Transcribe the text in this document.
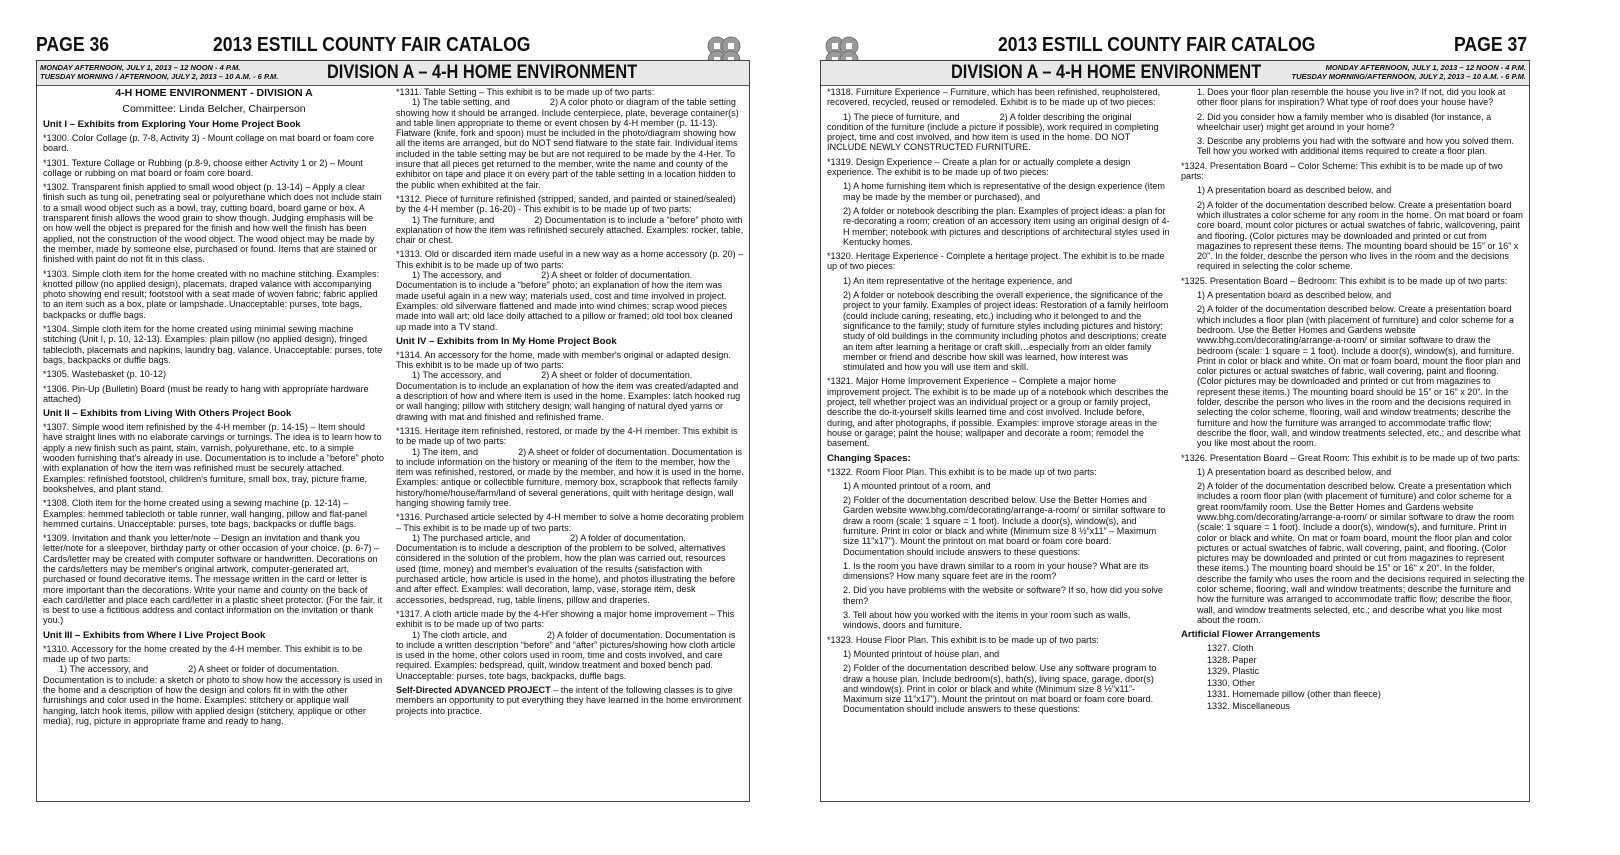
PAGE 36	2013 ESTILL COUNTY FAIR CATALOG
MONDAY AFTERNOON, JULY 1, 2013 – 12 NOON - 4 P.M.
TUESDAY MORNING / AFTERNOON, JULY 2, 2013 – 10 A.M. - 6 P.M.	DIVISION A – 4-H HOME ENVIRONMENT

4-H HOME ENVIRONMENT - DIVISION A

Committee: Linda Belcher, Chairperson

Unit I – Exhibits from Exploring Your Home Project Book

*1300. Color Collage (p. 7-8, Activity 3) - Mount collage on mat board or foam core board.

*1301. Texture Collage or Rubbing (p.8-9, choose either Activity 1 or 2) – Mount collage or rubbing on mat board or foam core board.

*1302. Transparent finish applied to small wood object (p. 13-14) – Apply a clear finish such as tung oil, penetrating seal or polyurethane which does not include stain to a small wood object such as a bowl, tray, cutting board, board game or box. A transparent finish allows the wood grain to show though. Judging emphasis will be on how well the object is prepared for the finish and how well the finish has been applied, not the construction of the wood object. The wood object may be made by the member, made by someone else, purchased or found. Items that are stained or finished with paint do not fit in this class.

*1303. Simple cloth item for the home created with no machine stitching. Examples: knotted pillow (no applied design), placemats, draped valance with accompanying photo showing end result; footstool with a seat made of woven fabric; fabric applied to an item such as a box, plate or lampshade. Unacceptable: purses, tote bags, backpacks or duffle bags.

*1304. Simple cloth item for the home created using minimal sewing machine stitching (Unit I, p. 10, 12-13). Examples: plain pillow (no applied design), fringed tablecloth, placemats and napkins, laundry bag, valance. Unacceptable: purses, tote bags, backpacks or duffle bags.

*1305. Wastebasket (p. 10-12)

*1306. Pin-Up (Bulletin) Board (must be ready to hang with appropriate hardware attached)

Unit II – Exhibits from Living With Others Project Book

*1307. Simple wood item refinished by the 4-H member (p. 14-15) – Item should have straight lines with no elaborate carvings or turnings. The idea is to learn how to apply a new finish such as paint, stain, varnish, polyurethane, etc. to a simple wooden furnishing that's already in use. Documentation is to include a “before” photo with explanation of how the item was refinished must be securely attached. Examples: refinished footstool, children's furniture, small box, tray, picture frame, bookshelves, and plant stand.

*1308. Cloth item for the home created using a sewing machine (p. 12-14) – Examples: hemmed tablecloth or table runner, wall hanging, pillow and flat-panel hemmed curtains. Unacceptable: purses, tote bags, backpacks or duffle bags.

*1309. Invitation and thank you letter/note – Design an invitation and thank you letter/note for a sleepover, birthday party or other occasion of your choice. (p. 6-7) – Cards/letter may be created with computer software or handwritten. Decorations on the cards/letters may be member's original artwork, computer-generated art, purchased or found decorative items. The message written in the card or letter is more important than the decorations. Write your name and county on the back of each card/letter and place each card/letter in a plastic sheet protector. (For the fair, it is best to use a fictitious address and contact information on the invitation or thank you.)

Unit III – Exhibits from Where I Live Project Book

*1310. Accessory for the home created by the 4-H member. This exhibit is to be made up of two parts:

1) The accessory, and	2) A sheet or folder of documentation.

Documentation is to include: a sketch or photo to show how the accessory is used in the home and a description of how the design and colors fit in with the other furnishings and color used in the home. Examples: stitchery or applique wall hanging, latch hook items, pillow with applied design (stitchery, applique or other media), rug, picture in appropriate frame and ready to hang.

*1311. Table Setting – This exhibit is to be made up of two parts:

1) The table setting, and	2) A color photo or diagram of the table setting showing how it should be arranged. Include centerpiece, plate, beverage container(s) and table linen appropriate to theme or event chosen by 4-H member (p. 11-13). Flatware (knife, fork and spoon) must be included in the photo/diagram showing how all the items are arranged, but do NOT send flatware to the state fair. Individual items included in the table setting may be but are not required to be made by the 4-Her. To insure that all pieces get returned to the member, write the name and county of the exhibitor on tape and place it on every part of the table setting in a location hidden to the public when exhibited at the fair.

*1312. Piece of furniture refinished (stripped, sanded, and painted or stained/sealed) by the 4-H member (p. 16-20) - This exhibit is to be made up of two parts:

1) The furniture, and	2) Documentation is to include a “before” photo with explanation of how the item was refinished securely attached. Examples: rocker, table, chair or chest.

*1313. Old or discarded item made useful in a new way as a home accessory (p. 20) – This exhibit is to be made up of two parts:

1) The accessory, and	2) A sheet or folder of documentation. Documentation is to include a “before” photo; an explanation of how the item was made useful again in a new way; materials used, cost and time involved in project. Examples: old silverware flattened and made into wind chimes; scrap wood pieces made into wall art; old lace doily attached to a pillow or framed; old tool box cleaned up made into a TV stand.

Unit IV – Exhibits from In My Home Project Book

*1314. An accessory for the home, made with member's original or adapted design. This exhibit is to be made up of two parts:

1) The accessory, and	2) A sheet or folder of documentation. Documentation is to include an explanation of how the item was created/adapted and a description of how and where item is used in the home. Examples: latch hooked rug or wall hanging; pillow with stitchery design; wall hanging of natural dyed yarns or drawing with mat and finished and refinished frame.

*1315. Heritage item refinished, restored, or made by the 4-H member. This exhibit is to be made up of two parts:

1) The item, and	2) A sheet or folder of documentation. Documentation is to include information on the history or meaning of the item to the member, how the item was refinished, restored, or made by the member, and how it is used in the home. Examples: antique or collectible furniture, memory box, scrapbook that reflects family history/home/house/farm/land of several generations, quilt with heritage design, wall hanging showing family tree.

*1316. Purchased article selected by 4-H member to solve a home decorating problem – This exhibit is to be made up of two parts:

1) The purchased article, and	2) A folder of documentation. Documentation is to include a description of the problem to be solved, alternatives considered in the solution of the problem, how the plan was carried out, resources used (time, money) and member's evaluation of the results (satisfaction with purchased article, how article is used in the home), and photos illustrating the before and after effect. Examples: wall decoration, lamp, vase, storage item, desk accessories, bedspread, rug, table linens, pillow and draperies.

*1317. A cloth article made by the 4-H'er showing a major home improvement – This exhibit is to be made up of two parts:

1) The cloth article, and	2) A folder of documentation. Documentation is to include a written description “before” and “after” pictures/showing how cloth article is used in the home, other colors used in room, time and costs involved, and care required. Examples: bedspread, quilt, window treatment and boxed bench pad. Unacceptable: purses, tote bags, backpacks, duffle bags.

Self-Directed ADVANCED PROJECT – the intent of the following classes is to give members an opportunity to put everything they have learned in the home environment projects into practice.

2013 ESTILL COUNTY FAIR CATALOG	PAGE 37
DIVISION A – 4-H HOME ENVIRONMENT	MONDAY AFTERNOON, JULY 1, 2013 – 12 NOON - 4 P.M.
TUESDAY MORNING/AFTERNOON, JULY 2, 2013 – 10 A.M. - 6 P.M.

*1318. Furniture Experience – Furniture, which has been refinished, reupholstered, recovered, recycled, reused or remodeled. Exhibit is to be made up of two pieces:

1) The piece of furniture, and	2) A folder describing the original condition of the furniture (include a picture if possible), work required in completing project, time and cost involved, and how item is used in the home. DO NOT INCLUDE NEWLY CONSTRUCTED FURNITURE.

*1319. Design Experience – Create a plan for or actually complete a design experience. The exhibit is to be made up of two pieces:

1) A home furnishing item which is representative of the design experience (item may be made by the member or purchased), and

2) A folder or notebook describing the plan. Examples of project ideas: a plan for re-decorating a room; creation of an accessory item using an original design of 4-H member; notebook with pictures and descriptions of architectural styles used in Kentucky homes.

*1320. Heritage Experience - Complete a heritage project. The exhibit is to be made up of two pieces:

1) An item representative of the heritage experience, and

2) A folder or notebook describing the overall experience, the significance of the project to your family. Examples of project ideas: Restoration of a family heirloom (could include caning, reseating, etc.) including who it belonged to and the significance to the family; study of furniture styles including pictures and history; study of old buildings in the community including photos and descriptions; create an item after learning a heritage or craft skill…especially from an older family member or friend and describe how skill was learned, how interest was stimulated and how you will use item and skill.

*1321. Major Home Improvement Experience – Complete a major home improvement project. The exhibit is to be made up of a notebook which describes the project, tell whether project was an individual project or a group or family project, describe the do-it-yourself skills learned time and cost involved. Include before, during, and after photographs, if possible. Examples: improve storage areas in the house or garage; paint the house; wallpaper and decorate a room; remodel the basement.

Changing Spaces:

*1322. Room Floor Plan. This exhibit is to be made up of two parts:

1) A mounted printout of a room, and

2) Folder of the documentation described below. Use the Better Homes and Garden website www.bhg.com/decorating/arrange-a-room/ or similar software to draw a room (scale: 1 square = 1 foot). Include a door(s), window(s), and furniture. Print in color or black and white (Minimum size 8 ½”x11” – Maximum size 11”x17”). Mount the printout on mat board or foam core board. Documentation should include answers to these questions:

1. Is the room you have drawn similar to a room in your house? What are its dimensions? How many square feet are in the room?

2. Did you have problems with the website or software? If so, how did you solve them?

3. Tell about how you worked with the items in your room such as walls, windows, doors and furniture.

*1323. House Floor Plan. This exhibit is to be made up of two parts:

1) Mounted printout of house plan, and

2) Folder of the documentation described below. Use any software program to draw a house plan. Include bedroom(s), bath(s), living space, garage, door(s) and window(s). Print in color or black and white (Minimum size 8 ½”x11”- Maximum size 11”x17”). Mount the printout on mat board or foam core board. Documentation should include answers to these questions:

1. Does your floor plan resemble the house you live in? If not, did you look at other floor plans for inspiration? What type of roof does your house have?

2. Did you consider how a family member who is disabled (for instance, a wheelchair user) might get around in your home?

3. Describe any problems you had with the software and how you solved them. Tell how you worked with additional items required to create a floor plan.

*1324. Presentation Board – Color Scheme: This exhibit is to be made up of two parts:

1) A presentation board as described below, and

2) A folder of the documentation described below. Create a presentation board which illustrates a color scheme for any room in the home. On mat board or foam core board, mount color pictures or actual swatches of fabric, wallcovering, paint and flooring. (Color pictures may be downloaded and printed or cut from magazines to represent these items. The mounting board should be 15” or 16” x 20”. In the folder, describe the person who lives in the room and the decisions required in selecting the color scheme.

*1325. Presentation Board – Bedroom: This exhibit is to be made up of two parts:

1) A presentation board as described below, and

2) A folder of the documentation described below. Create a presentation board which includes a floor plan (with placement of furniture) and color scheme for a bedroom. Use the Better Homes and Gardens website www.bhg.com/decorating/arrange-a-room/ or similar software to draw the bedroom (scale: 1 square = 1 foot). Include a door(s), window(s), and furniture. Print in color or black and white. On mat or foam board, mount the floor plan and color pictures or actual swatches of fabric, wall covering, paint and flooring. (Color pictures may be downloaded and printed or cut from magazines to represent these items.) The mounting board should be 15” or 16” x 20”. In the folder, describe the person who lives in the room and the decisions required in selecting the color scheme, flooring, wall and window treatments; describe the furniture and how the furniture was arranged to accommodate traffic flow; describe the floor, wall, and window treatments selected, etc.; and describe what you like most about the room.

*1326. Presentation Board – Great Room: This exhibit is to be made up of two parts:

1) A presentation board as described below, and

2) A folder of the documentation described below. Create a presentation which includes a room floor plan (with placement of furniture) and color scheme for a great room/family room. Use the Better Homes and Gardens website www.bhg.com/decorating/arrange-a-room/ or similar software to draw the room (scale: 1 square = 1 foot). Include a door(s), window(s), and furniture. Print in color or black and white. On mat or foam board, mount the floor plan and color pictures or actual swatches of fabric, wall covering, paint, and flooring. (Color pictures may be downloaded and printed or cut from magazines to represent these items.) The mounting board should be 15” or 16” x 20”. In the folder, describe the family who uses the room and the decisions required in selecting the color scheme, flooring, wall and window treatments; describe the furniture and how the furniture was arranged to accommodate traffic flow; describe the floor, wall, and window treatments selected, etc.; and describe what you like most about the room.

Artificial Flower Arrangements
1327. Cloth
1328. Paper
1329. Plastic
1330. Other
1331. Homemade pillow (other than fleece)
1332. Miscellaneous
